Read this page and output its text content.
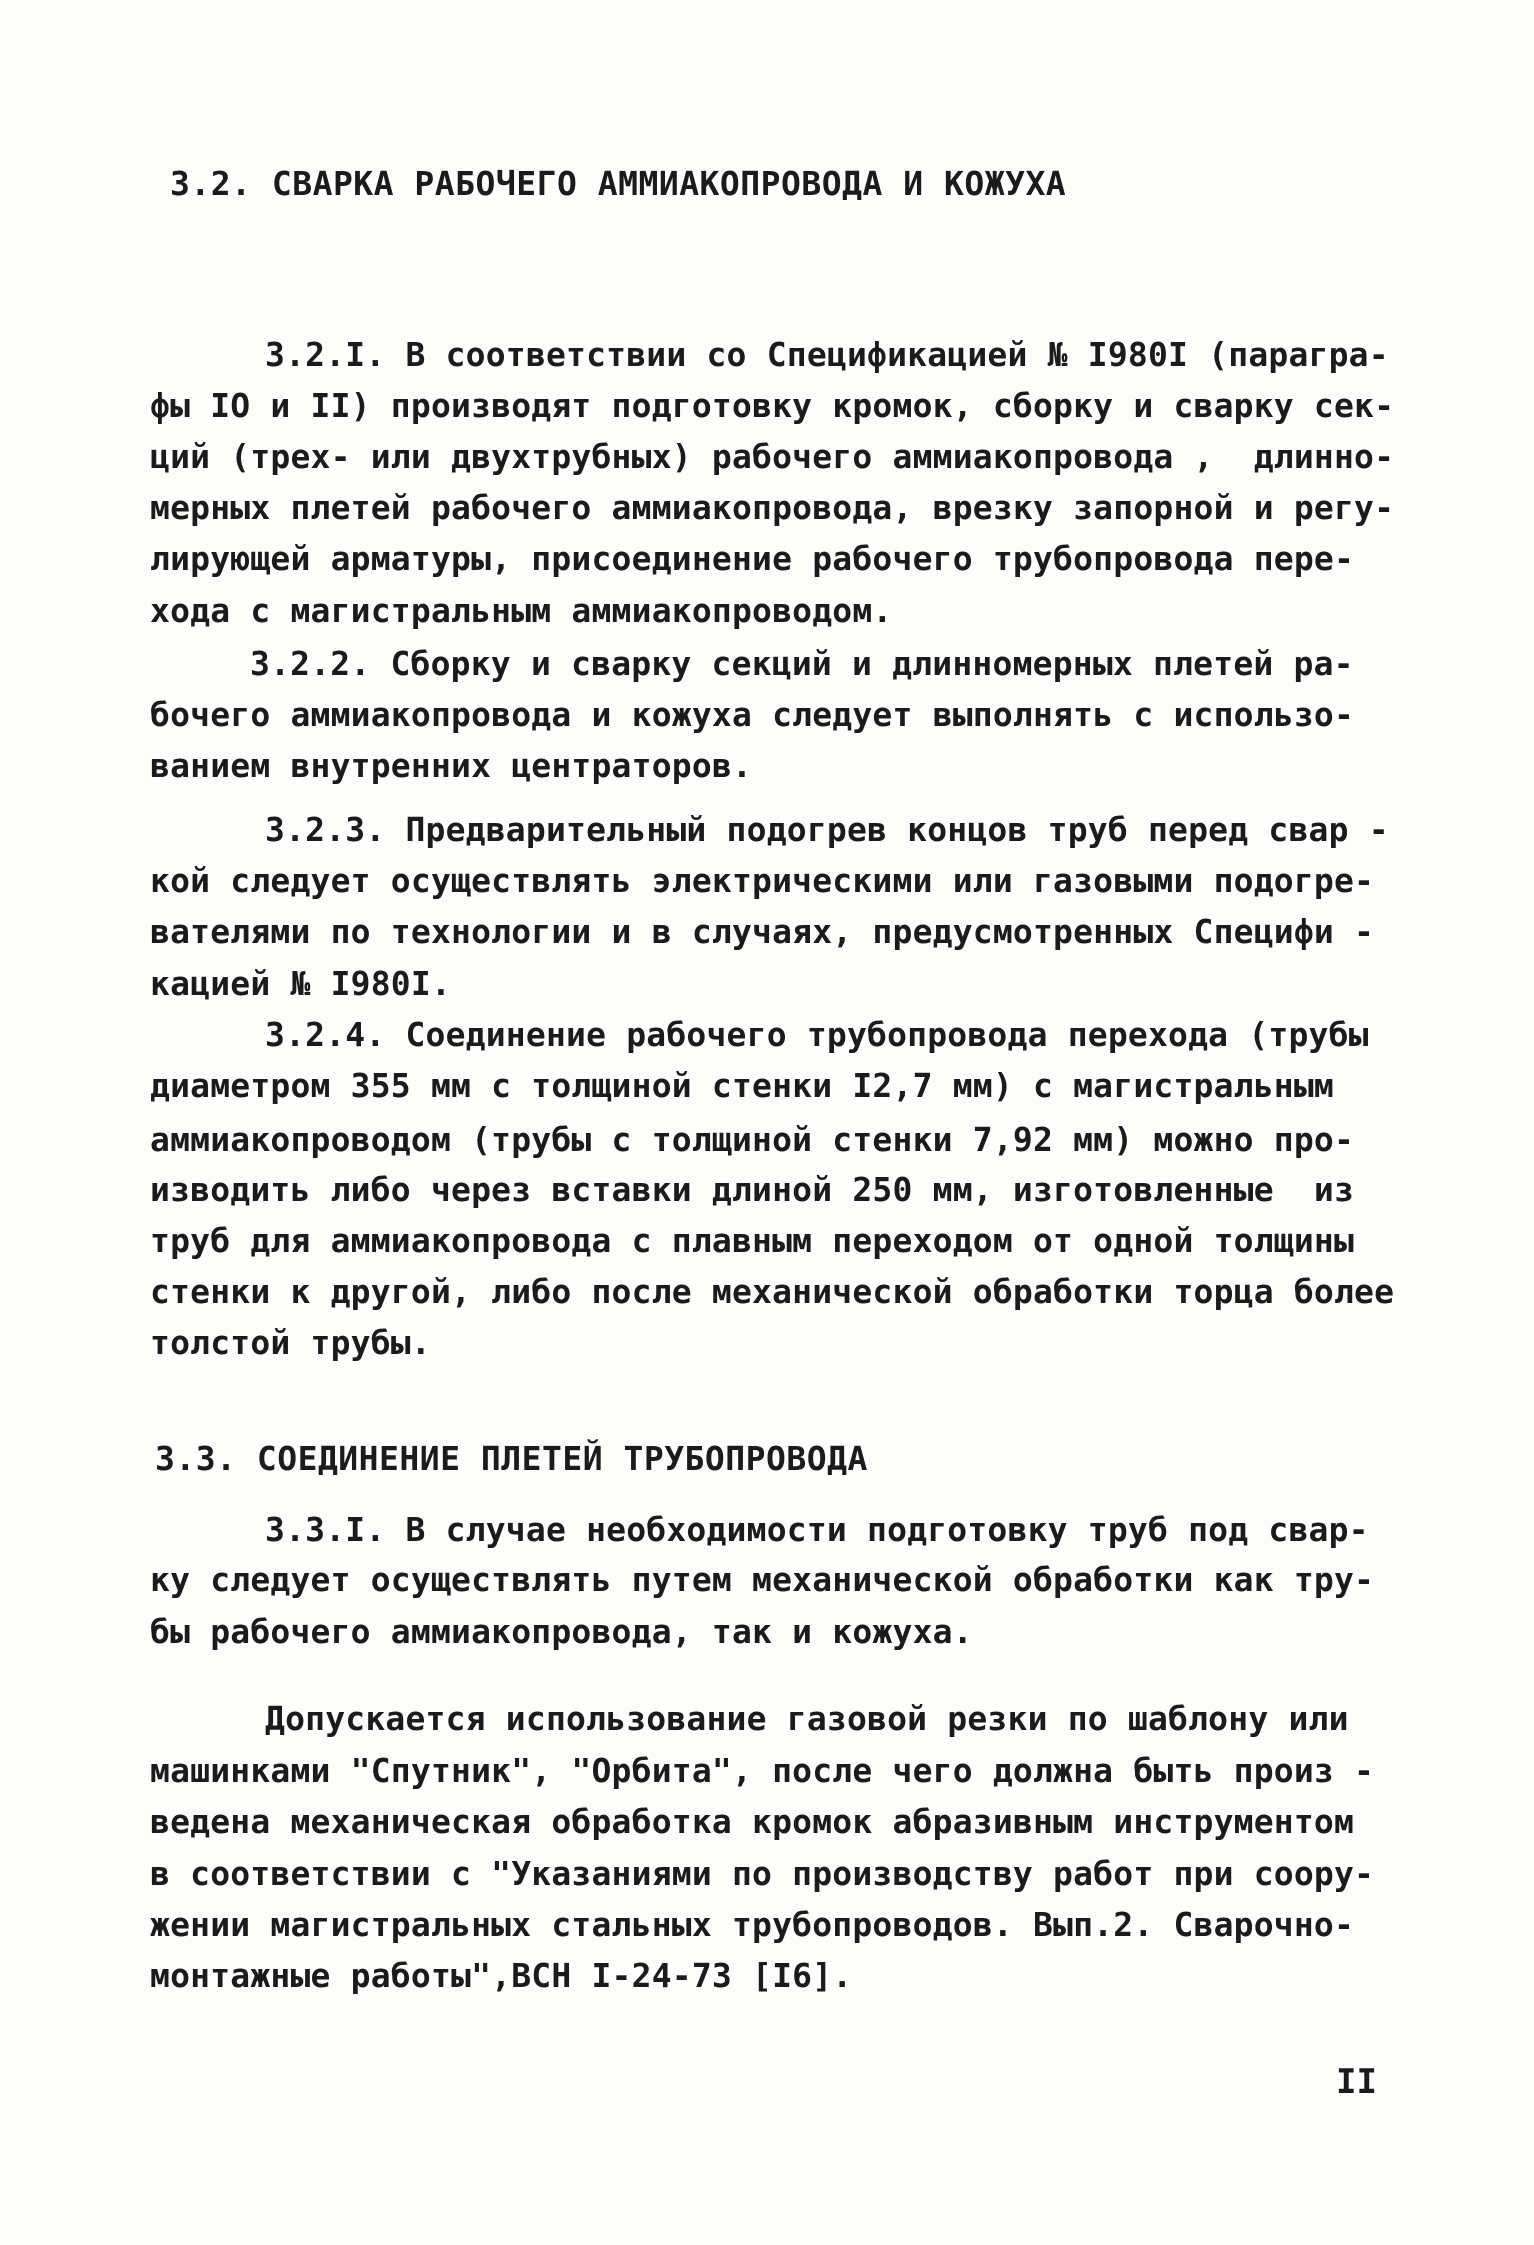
3.2. СВАРКА РАБОЧЕГО АММИАКОПРОВОДА И КОЖУХА
3.2.I. В соответствии со Спецификацией № I980I (парагра-
фы IO и II) производят подготовку кромок, сборку и сварку сек-
ций (трех- или двухтрубных) рабочего аммиакопровода ,  длинно-
мерных плетей рабочего аммиакопровода, врезку запорной и регу-
лирующей арматуры, присоединение рабочего трубопровода пере-
хода с магистральным аммиакопроводом.
3.2.2. Сборку и сварку секций и длинномерных плетей ра-
бочего аммиакопровода и кожуха следует выполнять с использо-
ванием внутренних центраторов.
3.2.3. Предварительный подогрев концов труб перед свар -
кой следует осуществлять электрическими или газовыми подогре-
вателями по технологии и в случаях, предусмотренных Специфи -
кацией № I980I.
3.2.4. Соединение рабочего трубопровода перехода (трубы
диаметром 355 мм с толщиной стенки I2,7 мм) с магистральным
аммиакопроводом (трубы с толщиной стенки 7,92 мм) можно про-
изводить либо через вставки длиной 250 мм, изготовленные  из
труб для аммиакопровода с плавным переходом от одной толщины
стенки к другой, либо после механической обработки торца более
толстой трубы.
3.3. СОЕДИНЕНИЕ ПЛЕТЕЙ ТРУБОПРОВОДА
3.3.I. В случае необходимости подготовку труб под свар-
ку следует осуществлять путем механической обработки как тру-
бы рабочего аммиакопровода, так и кожуха.
Допускается использование газовой резки по шаблону или
машинками "Спутник", "Орбита", после чего должна быть произ -
ведена механическая обработка кромок абразивным инструментом
в соответствии с "Указаниями по производству работ при соору-
жении магистральных стальных трубопроводов. Вып.2. Сварочно-
монтажные работы",ВСН I-24-73 [I6].
II
